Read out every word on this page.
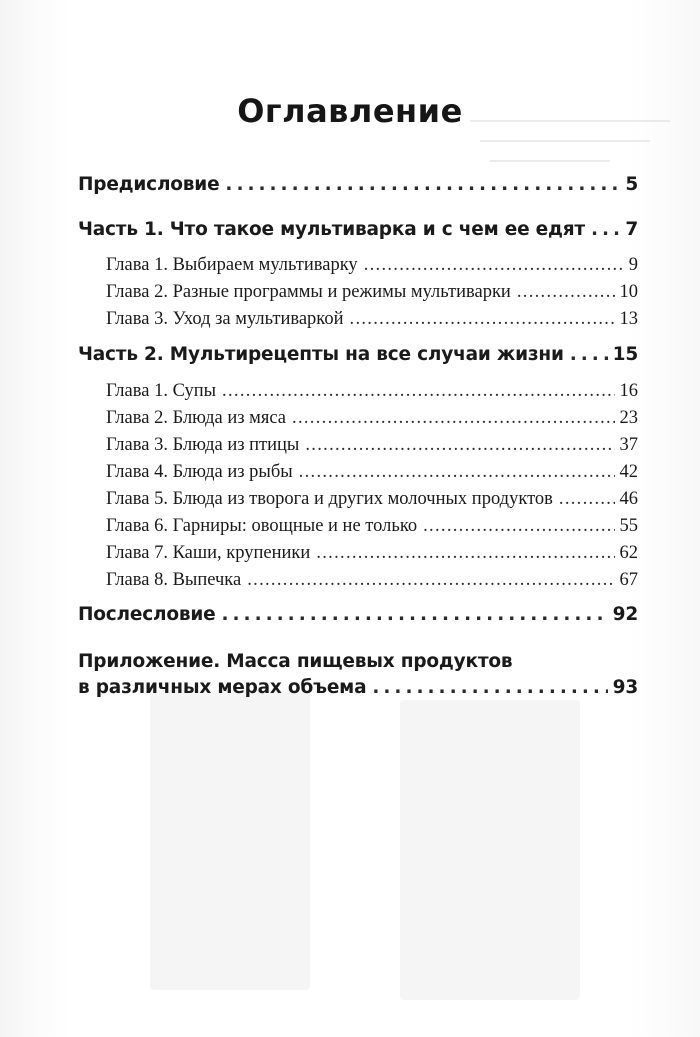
Оглавление
Предисловие .....	5
Часть 1. Что такое мультиварка и с чем ее едят ..... 7
Глава 1. Выбираем мультиварку .....	9
Глава 2. Разные программы и режимы мультиварки .....	10
Глава 3. Уход за мультиваркой .....	13
Часть 2. Мультирецепты на все случаи жизни .....	15
Глава 1. Супы .....	16
Глава 2. Блюда из мяса .....	23
Глава 3. Блюда из птицы .....	37
Глава 4. Блюда из рыбы .....	42
Глава 5. Блюда из творога и других молочных продуктов .....	46
Глава 6. Гарниры: овощные и не только .....	55
Глава 7. Каши, крупеники .....	62
Глава 8. Выпечка .....	67
Послесловие .....	92
Приложение. Масса пищевых продуктов
в различных мерах объема .....	93
